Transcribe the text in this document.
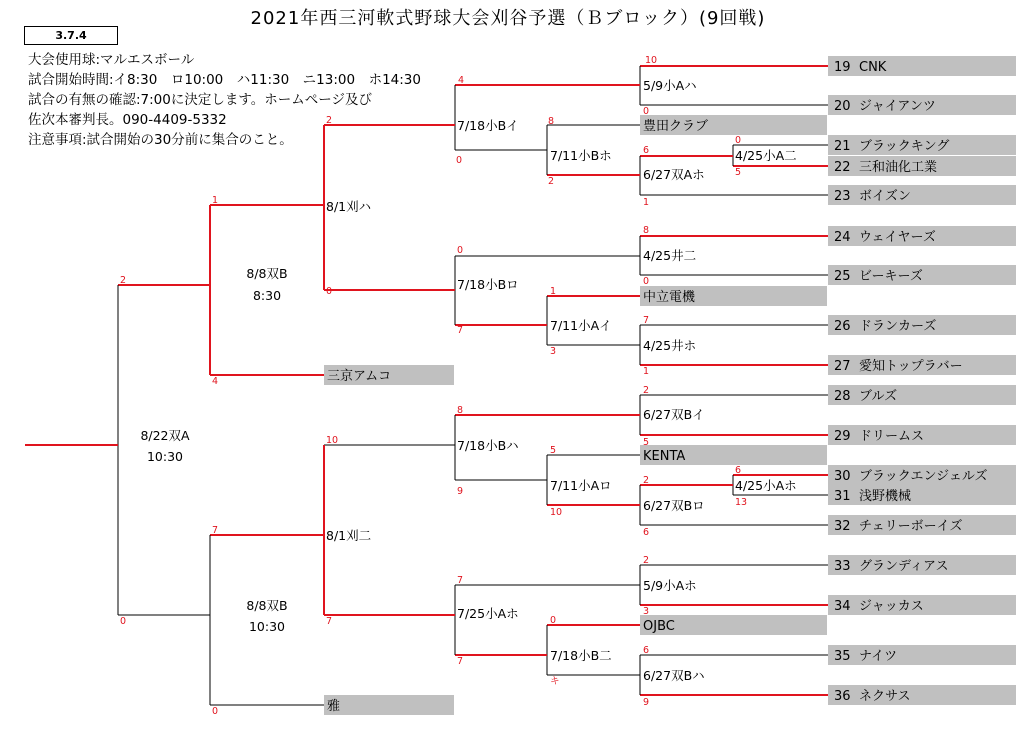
2021年西三河軟式野球大会刈谷予選（Ｂブロック）(9回戦)
3.7.4
大会使用球:マルエスボール
試合開始時間:イ8:30　ロ10:00　ハ11:30　ニ13:00　ホ14:30
試合の有無の確認:7:00に決定します。ホームページ及び
佐次本審判長。090-4409-5332
注意事項:試合開始の30分前に集合のこと。
19 CNK
20 ジャイアンツ
豊田クラブ
21 ブラックキング
22 三和油化工業
23 ボイズン
24 ウェイヤーズ
25 ビーキーズ
中立電機
26 ドランカーズ
27 愛知トップラバー
三京アムコ
28 ブルズ
29 ドリームス
KENTA
30 ブラックエンジェルズ
31 浅野機械
32 チェリーボーイズ
33 グランディアス
34 ジャッカス
OJBC
35 ナイツ
36 ネクサス
雅
5/9小Aハ
10
0
4/25小A二
0
5
6/27双Aホ
6
1
7/11小Bホ
8
2
7/18小Bイ
4
0
4/25井二
8
0
4/25井ホ
7
1
7/11小Aイ
1
3
7/18小Bロ
0
7
8/1刈ハ
2
0
8/8双B
8:30
1
4
6/27双Bイ
2
5
4/25小Aホ
6
13
6/27双Bロ
2
6
7/11小Aロ
5
10
7/18小Bハ
8
9
5/9小Aホ
2
3
6/27双Bハ
6
9
7/18小B二
0
キ
7/25小Aホ
7
7
8/1刈二
10
7
8/8双B
10:30
7
0
8/22双A
10:30
2
0
